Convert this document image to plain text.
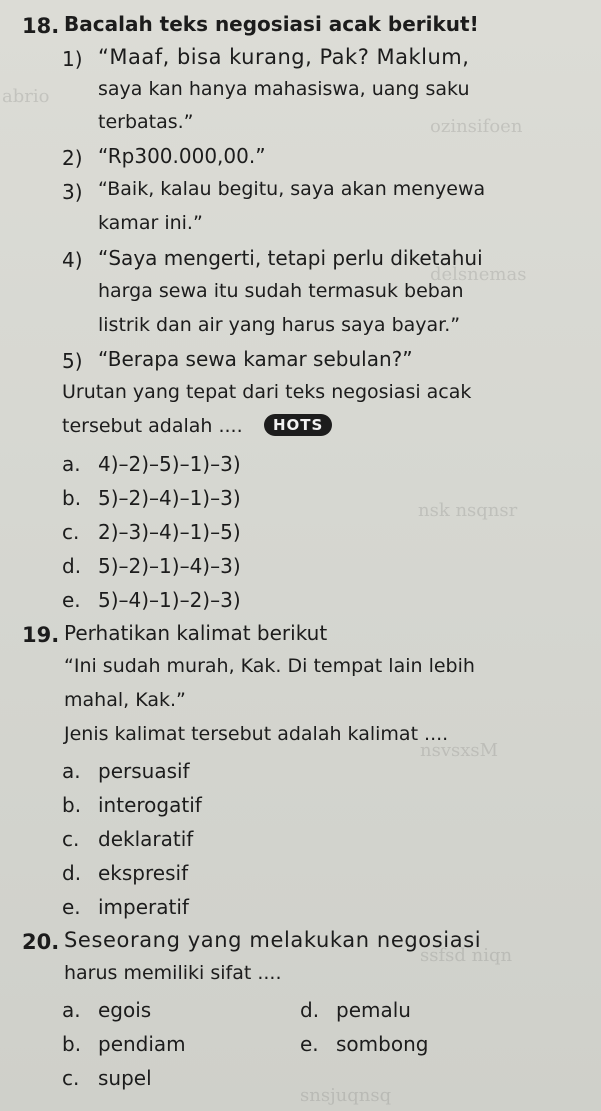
abrio
ozinsifoen
delsnemas
nsk nsqnsr
nsvsxsM
ssfsd niqn
snsjuqnsq
18. Bacalah teks negosiasi acak berikut!
1) “Maaf, bisa kurang, Pak? Maklum,
saya kan hanya mahasiswa, uang saku
terbatas.”
2) “Rp300.000,00.”
3) “Baik, kalau begitu, saya akan menyewa
kamar ini.”
4) “Saya mengerti, tetapi perlu diketahui
harga sewa itu sudah termasuk beban
listrik dan air yang harus saya bayar.”
5) “Berapa sewa kamar sebulan?”
Urutan yang tepat dari teks negosiasi acak
tersebut adalah ....	HOTS
a. 4)–2)–5)–1)–3)
b. 5)–2)–4)–1)–3)
c. 2)–3)–4)–1)–5)
d. 5)–2)–1)–4)–3)
e. 5)–4)–1)–2)–3)
19. Perhatikan kalimat berikut
“Ini sudah murah, Kak. Di tempat lain lebih
mahal, Kak.”
Jenis kalimat tersebut adalah kalimat ....
a. persuasif
b. interogatif
c. deklaratif
d. ekspresif
e. imperatif
20. Seseorang yang melakukan negosiasi
harus memiliki sifat ....
a. egois
b. pendiam
c. supel
d. pemalu
e. sombong
